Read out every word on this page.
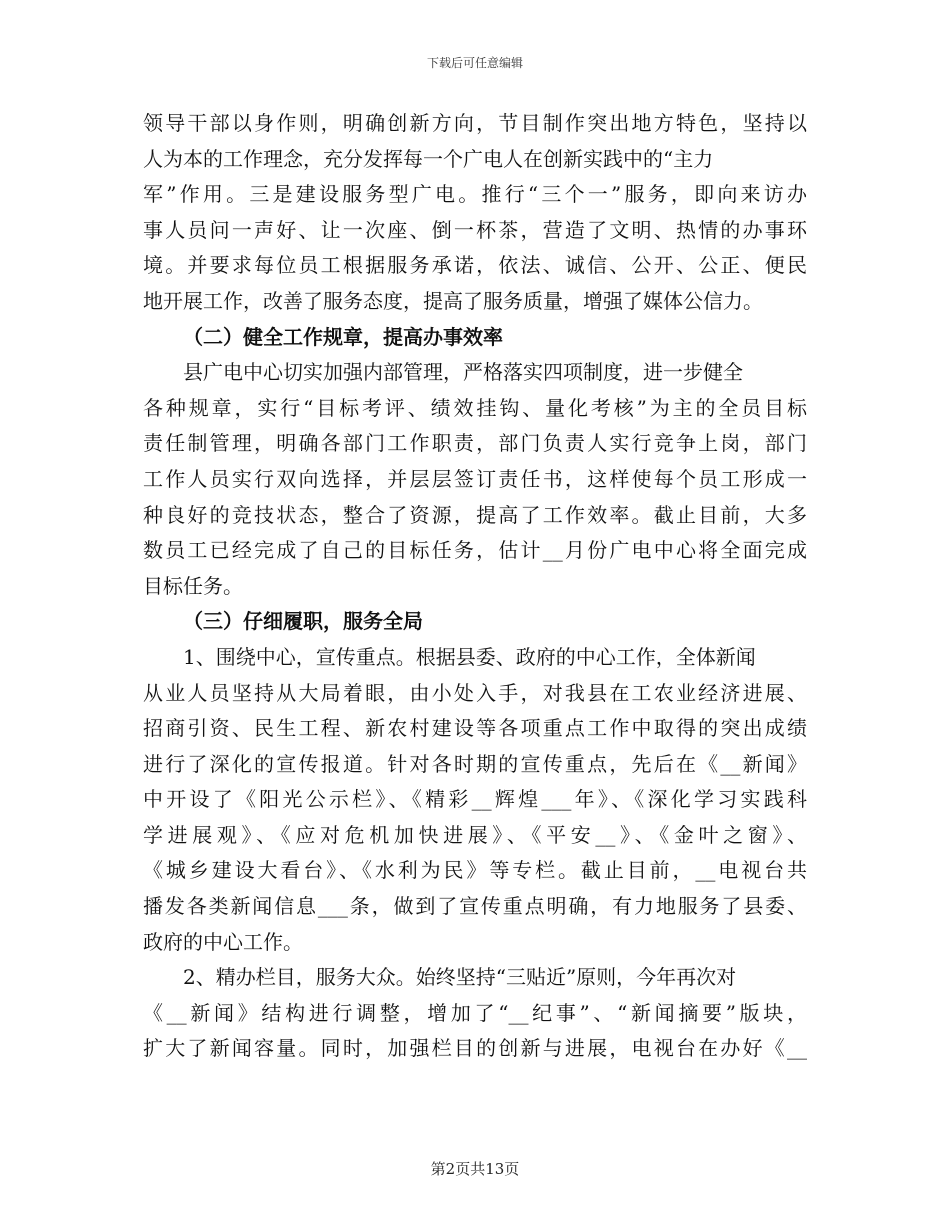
下载后可任意编辑
领导干部以身作则，明确创新方向，节目制作突出地方特色，坚持以
人为本的工作理念，充分发挥每一个广电人在创新实践中的“主力
军”作用。三是建设服务型广电。推行“三个一”服务，即向来访办
事人员问一声好、让一次座、倒一杯茶，营造了文明、热情的办事环
境。并要求每位员工根据服务承诺，依法、诚信、公开、公正、便民
地开展工作，改善了服务态度，提高了服务质量，增强了媒体公信力。
（二）健全工作规章，提高办事效率
县广电中心切实加强内部管理，严格落实四项制度，进一步健全
各种规章，实行“目标考评、绩效挂钩、量化考核”为主的全员目标
责任制管理，明确各部门工作职责，部门负责人实行竞争上岗，部门
工作人员实行双向选择，并层层签订责任书，这样使每个员工形成一
种良好的竞技状态，整合了资源，提高了工作效率。截止目前，大多
数员工已经完成了自己的目标任务，估计__月份广电中心将全面完成
目标任务。
（三）仔细履职，服务全局
1、围绕中心，宣传重点。根据县委、政府的中心工作，全体新闻
从业人员坚持从大局着眼，由小处入手，对我县在工农业经济进展、
招商引资、民生工程、新农村建设等各项重点工作中取得的突出成绩
进行了深化的宣传报道。针对各时期的宣传重点，先后在《__新闻》
中开设了《阳光公示栏》、《精彩__辉煌___年》、《深化学习实践科
学进展观》、《应对危机加快进展》、《平安__》、《金叶之窗》、
《城乡建设大看台》、《水利为民》等专栏。截止目前，__电视台共
播发各类新闻信息___条，做到了宣传重点明确，有力地服务了县委、
政府的中心工作。
2、精办栏目，服务大众。始终坚持“三贴近”原则，今年再次对
《__新闻》结构进行调整，增加了“__纪事”、“新闻摘要”版块，
扩大了新闻容量。同时，加强栏目的创新与进展，电视台在办好《__
第2页共13页
